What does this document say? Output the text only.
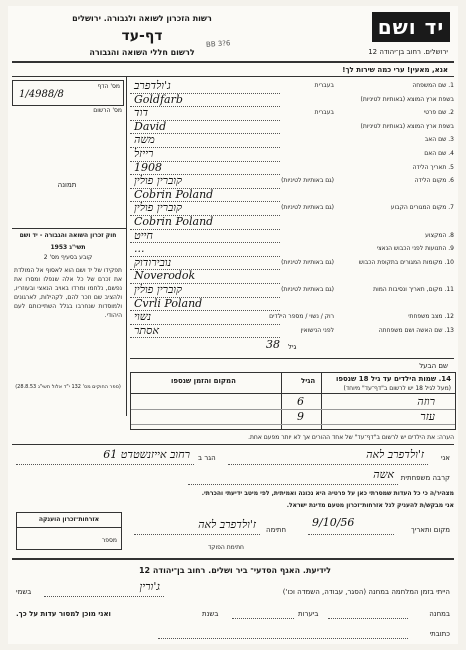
יד ושם
רשות הזכרון לשואה ולגבורה. ירושלים
דף-עד
לרשום חללי השואה והגבורה	ירושלים. רחוב בן־יהודה 12
BB 3?6
אנא, מאעין! ערי כמה שירות לך!
מס' הדף
1/4988/8
מס' הרשום
תמונה
חוק זכרון השואה והגבורה - יד ושם
תשי"ג 1953
קובע בסעיף מס' 2
תפקידו של יד ושם הוא לאסוף אל המולדת את זכרם של כל אלה שנפלו ומסרו את נפשם, נלחמו ומרדו באויב הנאצי ובעוזריו, ולהציב שם וזכר להם, לקהילות, לארגונים ולמוסדות שנחרבו בגלל השתייכותם לעם היהודי.
(ספר החוקים מס' 132 י"ד אלול תשי"ג 28.8.53)
1. שם המשפחה
בעברית
ג'ולדפרב
בשפת ארץ המוצא (באותיות לטיניות)
Goldfarb
2. שם פרטי
בעברית
דוד
בשפת ארץ המוצא (באותיות לטיניות)
David
3. שם האב
משה
4. שם האם
רייזל
5. תאריך הלידה
1908
6. מקום הלידה
(גם באותיות לטיניות)
קוברין פולין
Cobrin Poland
7. מקום המגורים הקבוע
(גם באותיות לטיניות)
קוברין פולין
Cobrin Poland
8. המקצוע
חייט
9. התנועות לפני הכבוש הנאצי
...
10. מקומות המגורים בתקופת הכבוש
(גם באותיות לטיניות)
נובירודוק
Noverodok
11. מקום, תאריך ונסיבות המות
(גם באותיות לטיניות)
קוברין פולין
Cvrli Poland
12. מצב משפחתי
רוק / נשוי / מספר הילדים
נשוי
13. שם האשה ושם משפחתה
לפני הנישואין
אסתר
גיל
38
שם הבעל
14. שמות הילדים עד גיל 18 שנספו
(מעל לגיל 18 יש לרשום ב"דף־עד" מיוחד)
הגיל
המקום והזמן שנספו
רוזה
6
עזר
9
הערה: את הילדים יש לרשום ב"דף־עד" של אחד ההורים אך לא יותר מפעם אחת.
אני
ז'ולדפרב לאה
הגר ב
רחוב אייזנשטדט 61
קרבה משפחתית
אשה
מצהיר/ה כי כל העדות שמסרתי כאן על פרטיה היא נכונה ואמיתית, לפי מיטב ידיעתי והכרתי.
אני מבקש/ת להעניק לנל אזרחות־זכרון מטעם מדינת ישראל.
אזרחות־זכרון הוענקה
מספר
מקום ותאריך
9/10/56
חתימה
ז'ולדפרב לאה
חתימת הפוקד
לידיעת. האגף הסדעי־ ביר ושלים. רחוב בן־יהודה 12
הייתי בזמן המלחמה במחנה (הסגר, עבודה, השמדה וכו')
בשמי	ג'ורין
במחנה
ביערות
בשנת
ואני מוכן למסור עדות על כך.
כתובתי
